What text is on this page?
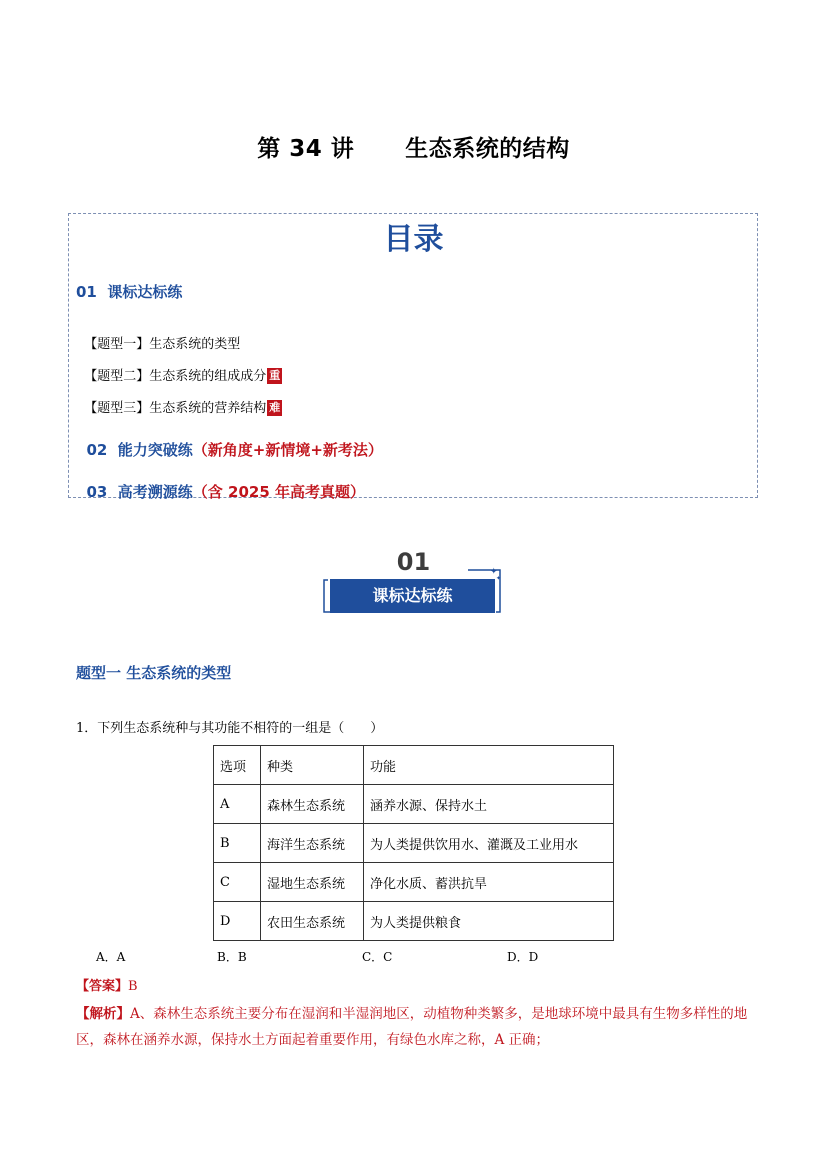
第 34 讲      生态系统的结构
目录
01  课标达标练

【题型一】生态系统的类型

【题型二】生态系统的组成成分 重

【题型三】生态系统的营养结构 难

02  能力突破练（新角度+新情境+新考法）

03  高考溯源练（含 2025 年高考真题）

01	✦
✦
课标达标练
题型一 生态系统的类型
1．下列生态系统种与其功能不相符的一组是（　　）
选项	种类	功能
A	森林生态系统	涵养水源、保持水土
B	海洋生态系统	为人类提供饮用水、灌溉及工业用水
C	湿地生态系统	净化水质、蓄洪抗旱
D	农田生态系统	为人类提供粮食
A．A	B．B	C．C	D．D
【答案】B
【解析】A、森林生态系统主要分布在湿润和半湿润地区，动植物种类繁多，是地球环境中最具有生物多样性的地区，森林在涵养水源，保持水土方面起着重要作用，有绿色水库之称，A 正确；
